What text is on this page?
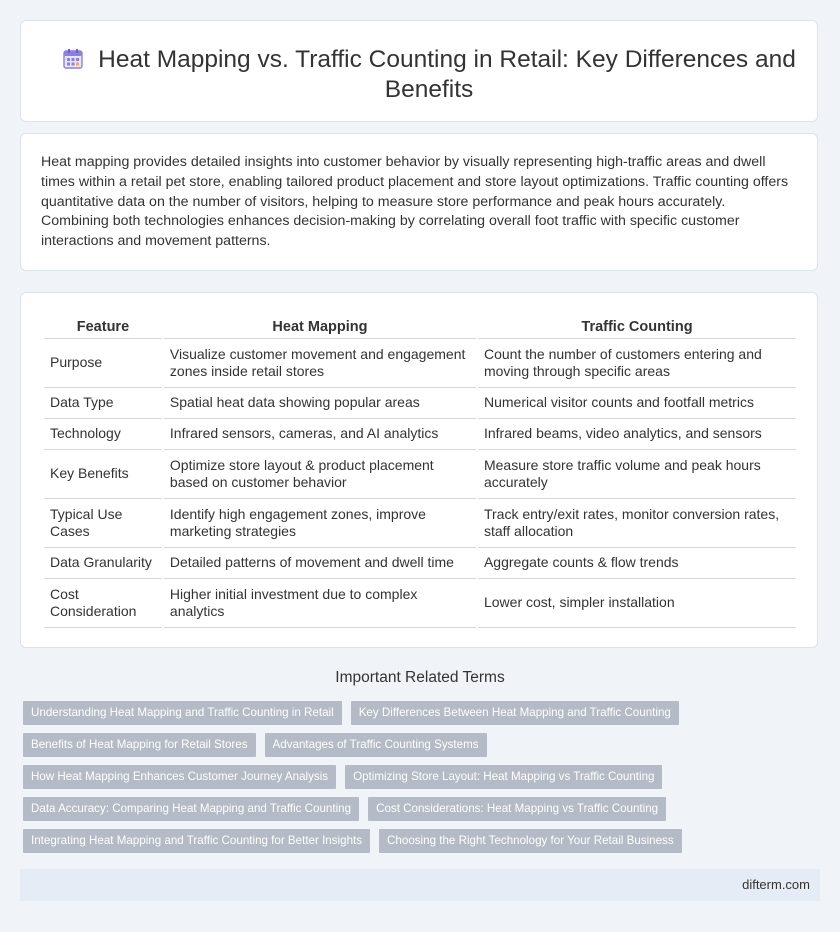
Heat Mapping vs. Traffic Counting in Retail: Key Differences and Benefits

Heat mapping provides detailed insights into customer behavior by visually representing high-traffic areas and dwell times within a retail pet store, enabling tailored product placement and store layout optimizations. Traffic counting offers quantitative data on the number of visitors, helping to measure store performance and peak hours accurately. Combining both technologies enhances decision-making by correlating overall foot traffic with specific customer interactions and movement patterns.

Feature	Heat Mapping	Traffic Counting
Purpose	Visualize customer movement and engagement zones inside retail stores	Count the number of customers entering and moving through specific areas
Data Type	Spatial heat data showing popular areas	Numerical visitor counts and footfall metrics
Technology	Infrared sensors, cameras, and AI analytics	Infrared beams, video analytics, and sensors
Key Benefits	Optimize store layout & product placement based on customer behavior	Measure store traffic volume and peak hours accurately
Typical Use Cases	Identify high engagement zones, improve marketing strategies	Track entry/exit rates, monitor conversion rates, staff allocation
Data Granularity	Detailed patterns of movement and dwell time	Aggregate counts & flow trends
Cost Consideration	Higher initial investment due to complex analytics	Lower cost, simpler installation
Important Related Terms
Understanding Heat Mapping and Traffic Counting in Retail	Key Differences Between Heat Mapping and Traffic Counting
Benefits of Heat Mapping for Retail Stores	Advantages of Traffic Counting Systems
How Heat Mapping Enhances Customer Journey Analysis	Optimizing Store Layout: Heat Mapping vs Traffic Counting
Data Accuracy: Comparing Heat Mapping and Traffic Counting	Cost Considerations: Heat Mapping vs Traffic Counting
Integrating Heat Mapping and Traffic Counting for Better Insights	Choosing the Right Technology for Your Retail Business
difterm.com
